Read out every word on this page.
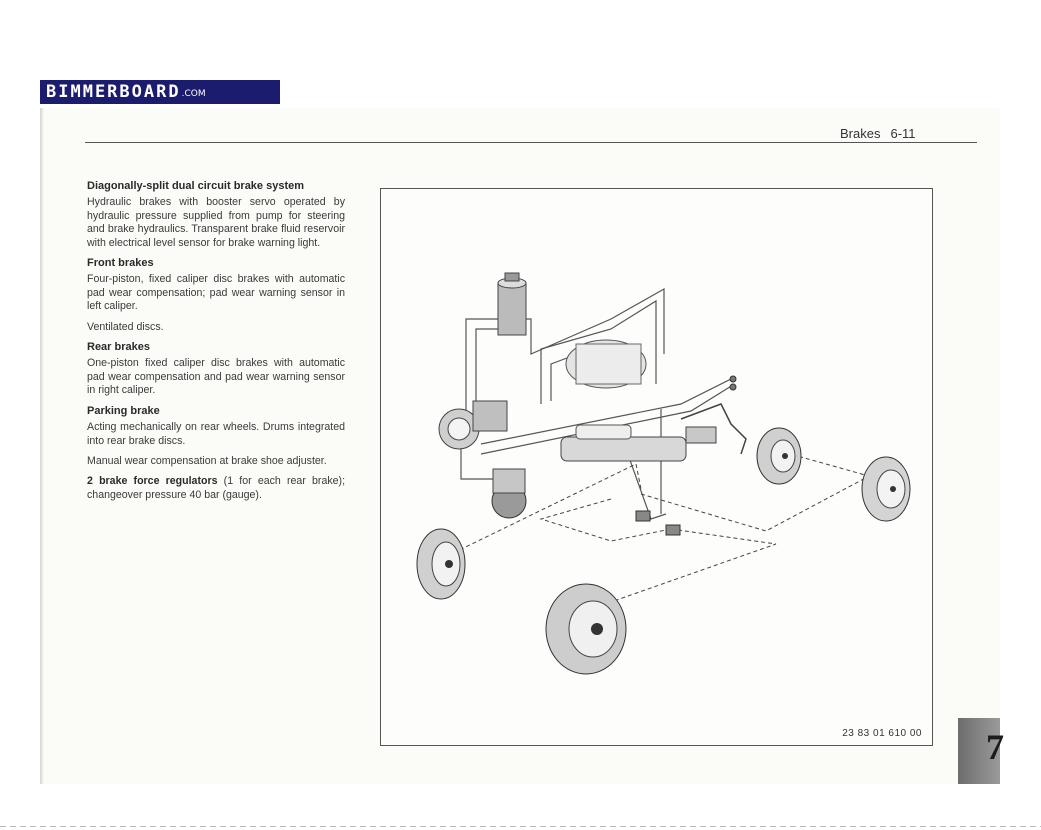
BIMMERBOARD .COM
Brakes 6-11
Diagonally-split dual circuit brake system

Hydraulic brakes with booster servo operated by hydraulic pressure supplied from pump for steering and brake hydraulics. Transparent brake fluid reservoir with electrical level sensor for brake warning light.

Front brakes

Four-piston, fixed caliper disc brakes with automatic pad wear compensation; pad wear warning sensor in left caliper.

Ventilated discs.

Rear brakes

One-piston fixed caliper disc brakes with automatic pad wear compensation and pad wear warning sensor in right caliper.

Parking brake

Acting mechanically on rear wheels. Drums integrated into rear brake discs.

Manual wear compensation at brake shoe adjuster.

2 brake force regulators (1 for each rear brake); changeover pressure 40 bar (gauge).

23 83 01 610 00 7
